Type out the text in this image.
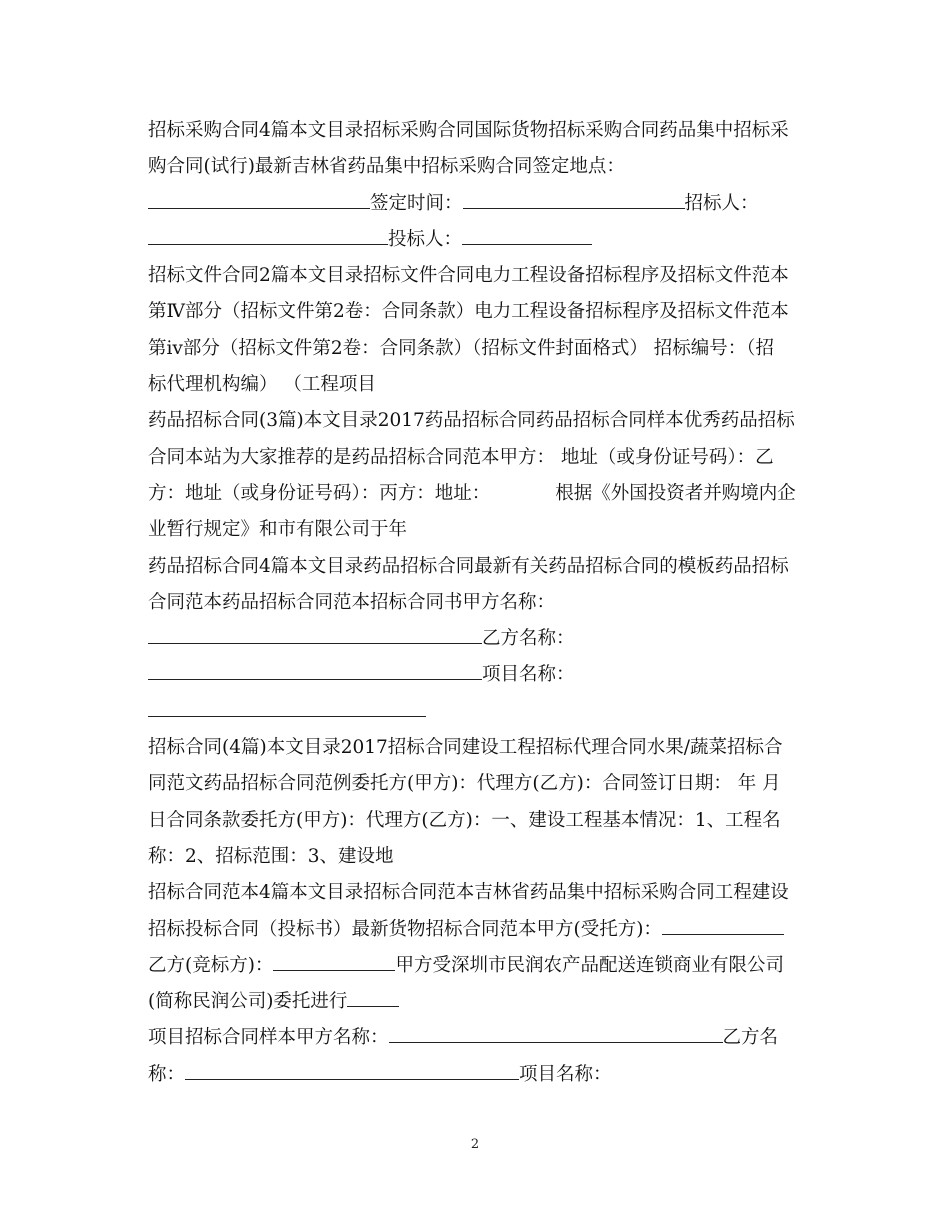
招标采购合同4篇本文目录招标采购合同国际货物招标采购合同药品集中招标采
购合同(试行)最新吉林省药品集中招标采购合同签定地点：
签定时间：	招标人：
投标人：
招标文件合同2篇本文目录招标文件合同电力工程设备招标程序及招标文件范本
第Ⅳ部分（招标文件第2卷：合同条款）电力工程设备招标程序及招标文件范本
第ⅳ部分（招标文件第2卷：合同条款）（招标文件封面格式） 招标编号：（招
标代理机构编） （工程项目
药品招标合同(3篇)本文目录2017药品招标合同药品招标合同样本优秀药品招标
合同本站为大家推荐的是药品招标合同范本甲方： 地址（或身份证号码）：乙
方：地址（或身份证号码）：丙方：地址：	根据《外国投资者并购境内企
业暂行规定》和市有限公司于年
药品招标合同4篇本文目录药品招标合同最新有关药品招标合同的模板药品招标
合同范本药品招标合同范本招标合同书甲方名称：
乙方名称：
项目名称：
招标合同(4篇)本文目录2017招标合同建设工程招标代理合同水果/蔬菜招标合
同范文药品招标合同范例委托方(甲方)：代理方(乙方)：合同签订日期： 年 月
日合同条款委托方(甲方)：代理方(乙方)：一、建设工程基本情况：1、工程名
称：2、招标范围：3、建设地
招标合同范本4篇本文目录招标合同范本吉林省药品集中招标采购合同工程建设
招标投标合同（投标书）最新货物招标合同范本甲方(受托方)：
乙方(竞标方)：	甲方受深圳市民润农产品配送连锁商业有限公司
(简称民润公司)委托进行
项目招标合同样本甲方名称：	乙方名
称：	项目名称：
2
